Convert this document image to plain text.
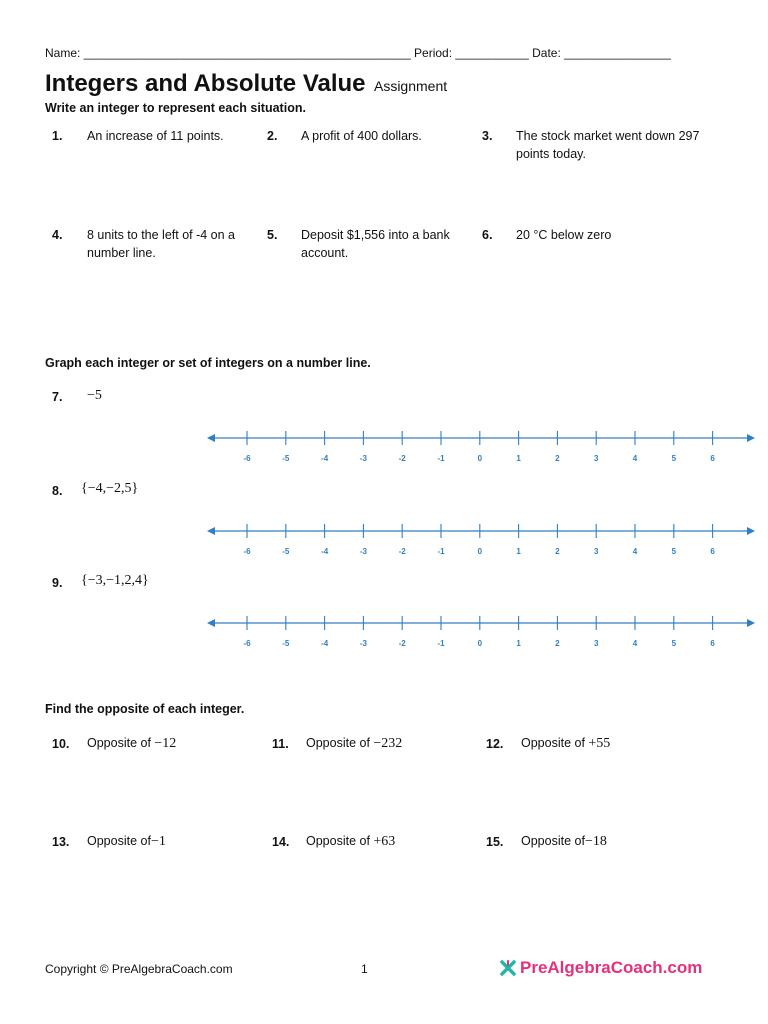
Name: _________________________________________________ Period: ___________ Date: ________________
Integers and Absolute Value Assignment
Write an integer to represent each situation.
1. An increase of 11 points.	2. A profit of 400 dollars.	3. The stock market went down 297 points today.
4. 8 units to the left of -4 on a number line.
5. Deposit $1,556 into a bank account.
6. 20 °C below zero
Graph each integer or set of integers on a number line.
7. −5
-6	-5	-4	-3	-2	-1	0	1	2	3	4	5	6
8. {−4,−2,5}
-6	-5	-4	-3	-2	-1	0	1	2	3	4	5	6
9. {−3,−1,2,4}
-6	-5	-4	-3	-2	-1	0	1	2	3	4	5	6
Find the opposite of each integer.
10. Opposite of −12	11. Opposite of −232	12. Opposite of +55
13. Opposite of−1	14. Opposite of +63	15. Opposite of−18
Copyright © PreAlgebraCoach.com	1	PreAlgebraCoach.com
